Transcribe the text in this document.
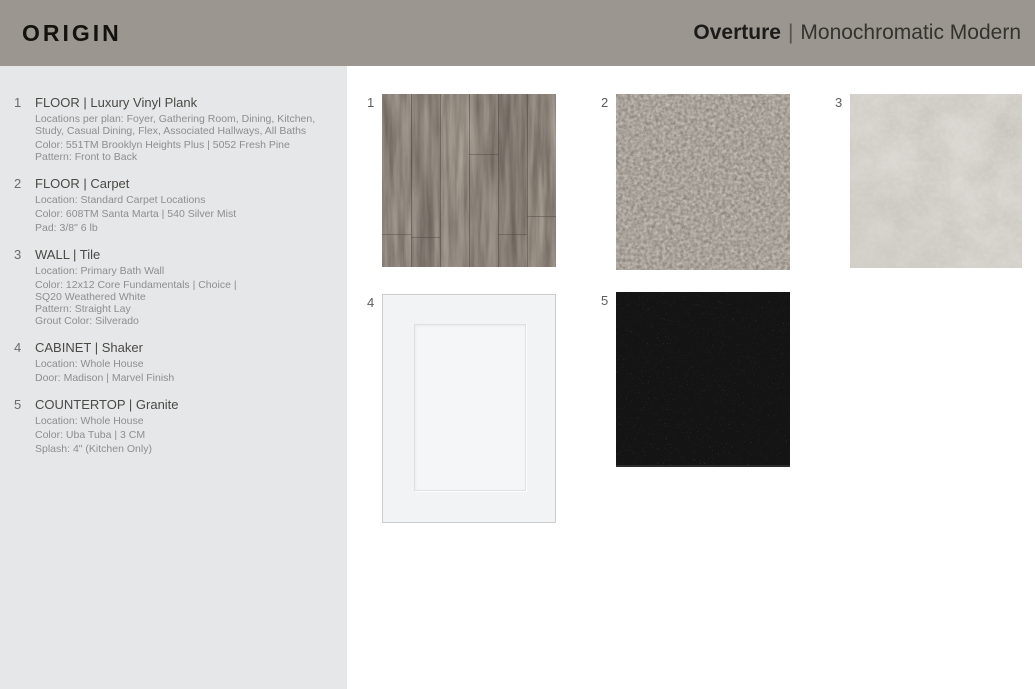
ORIGIN	Overture | Monochromatic Modern
1	FLOOR | Luxury Vinyl Plank
Locations per plan: Foyer, Gathering Room, Dining, Kitchen,
Study, Casual Dining, Flex, Associated Hallways, All Baths
Color: 551TM Brooklyn Heights Plus | 5052 Fresh Pine
Pattern: Front to Back
2	FLOOR | Carpet
Location: Standard Carpet Locations
Color: 608TM Santa Marta | 540 Silver Mist
Pad: 3/8" 6 lb
3	WALL | Tile
Location: Primary Bath Wall
Color: 12x12 Core Fundamentals | Choice |
SQ20 Weathered White
Pattern: Straight Lay
Grout Color: Silverado
4	CABINET | Shaker
Location: Whole House
Door: Madison | Marvel Finish
5	COUNTERTOP | Granite
Location: Whole House
Color: Uba Tuba | 3 CM
Splash: 4" (Kitchen Only)
1	2	3
4	5
